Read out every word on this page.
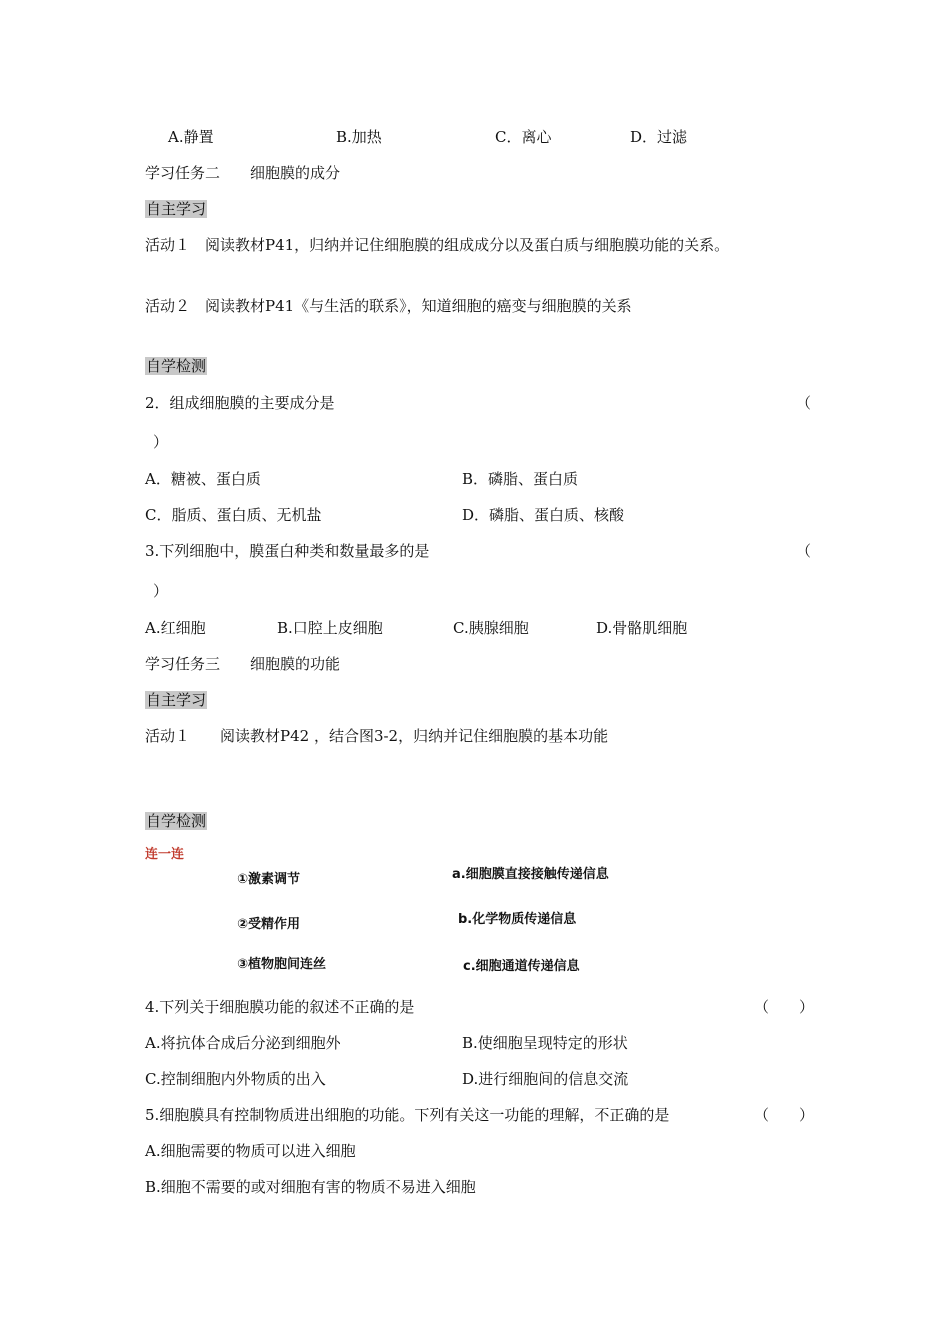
A.静置	B.加热	C．离心	D．过滤
学习任务二　　细胞膜的成分
自主学习
活动１　阅读教材P41，归纳并记住细胞膜的组成成分以及蛋白质与细胞膜功能的关系。
活动２　阅读教材P41《与生活的联系》，知道细胞的癌变与细胞膜的关系
自学检测
2．组成细胞膜的主要成分是	（
）
A．糖被、蛋白质	B．磷脂、蛋白质
C．脂质、蛋白质、无机盐	D．磷脂、蛋白质、核酸
3.下列细胞中，膜蛋白种类和数量最多的是	（
）
A.红细胞	B.口腔上皮细胞	C.胰腺细胞	D.骨骼肌细胞
学习任务三　　细胞膜的功能
自主学习
活动１　　阅读教材P42 ，结合图3-2，归纳并记住细胞膜的基本功能
自学检测
连一连
①激素调节
②受精作用
③植物胞间连丝
a.细胞膜直接接触传递信息
b.化学物质传递信息
c.细胞通道传递信息
4.下列关于细胞膜功能的叙述不正确的是	（　　）
A.将抗体合成后分泌到细胞外	B.使细胞呈现特定的形状
C.控制细胞内外物质的出入	D.进行细胞间的信息交流
5.细胞膜具有控制物质进出细胞的功能。下列有关这一功能的理解，不正确的是	（　　）
A.细胞需要的物质可以进入细胞
B.细胞不需要的或对细胞有害的物质不易进入细胞
